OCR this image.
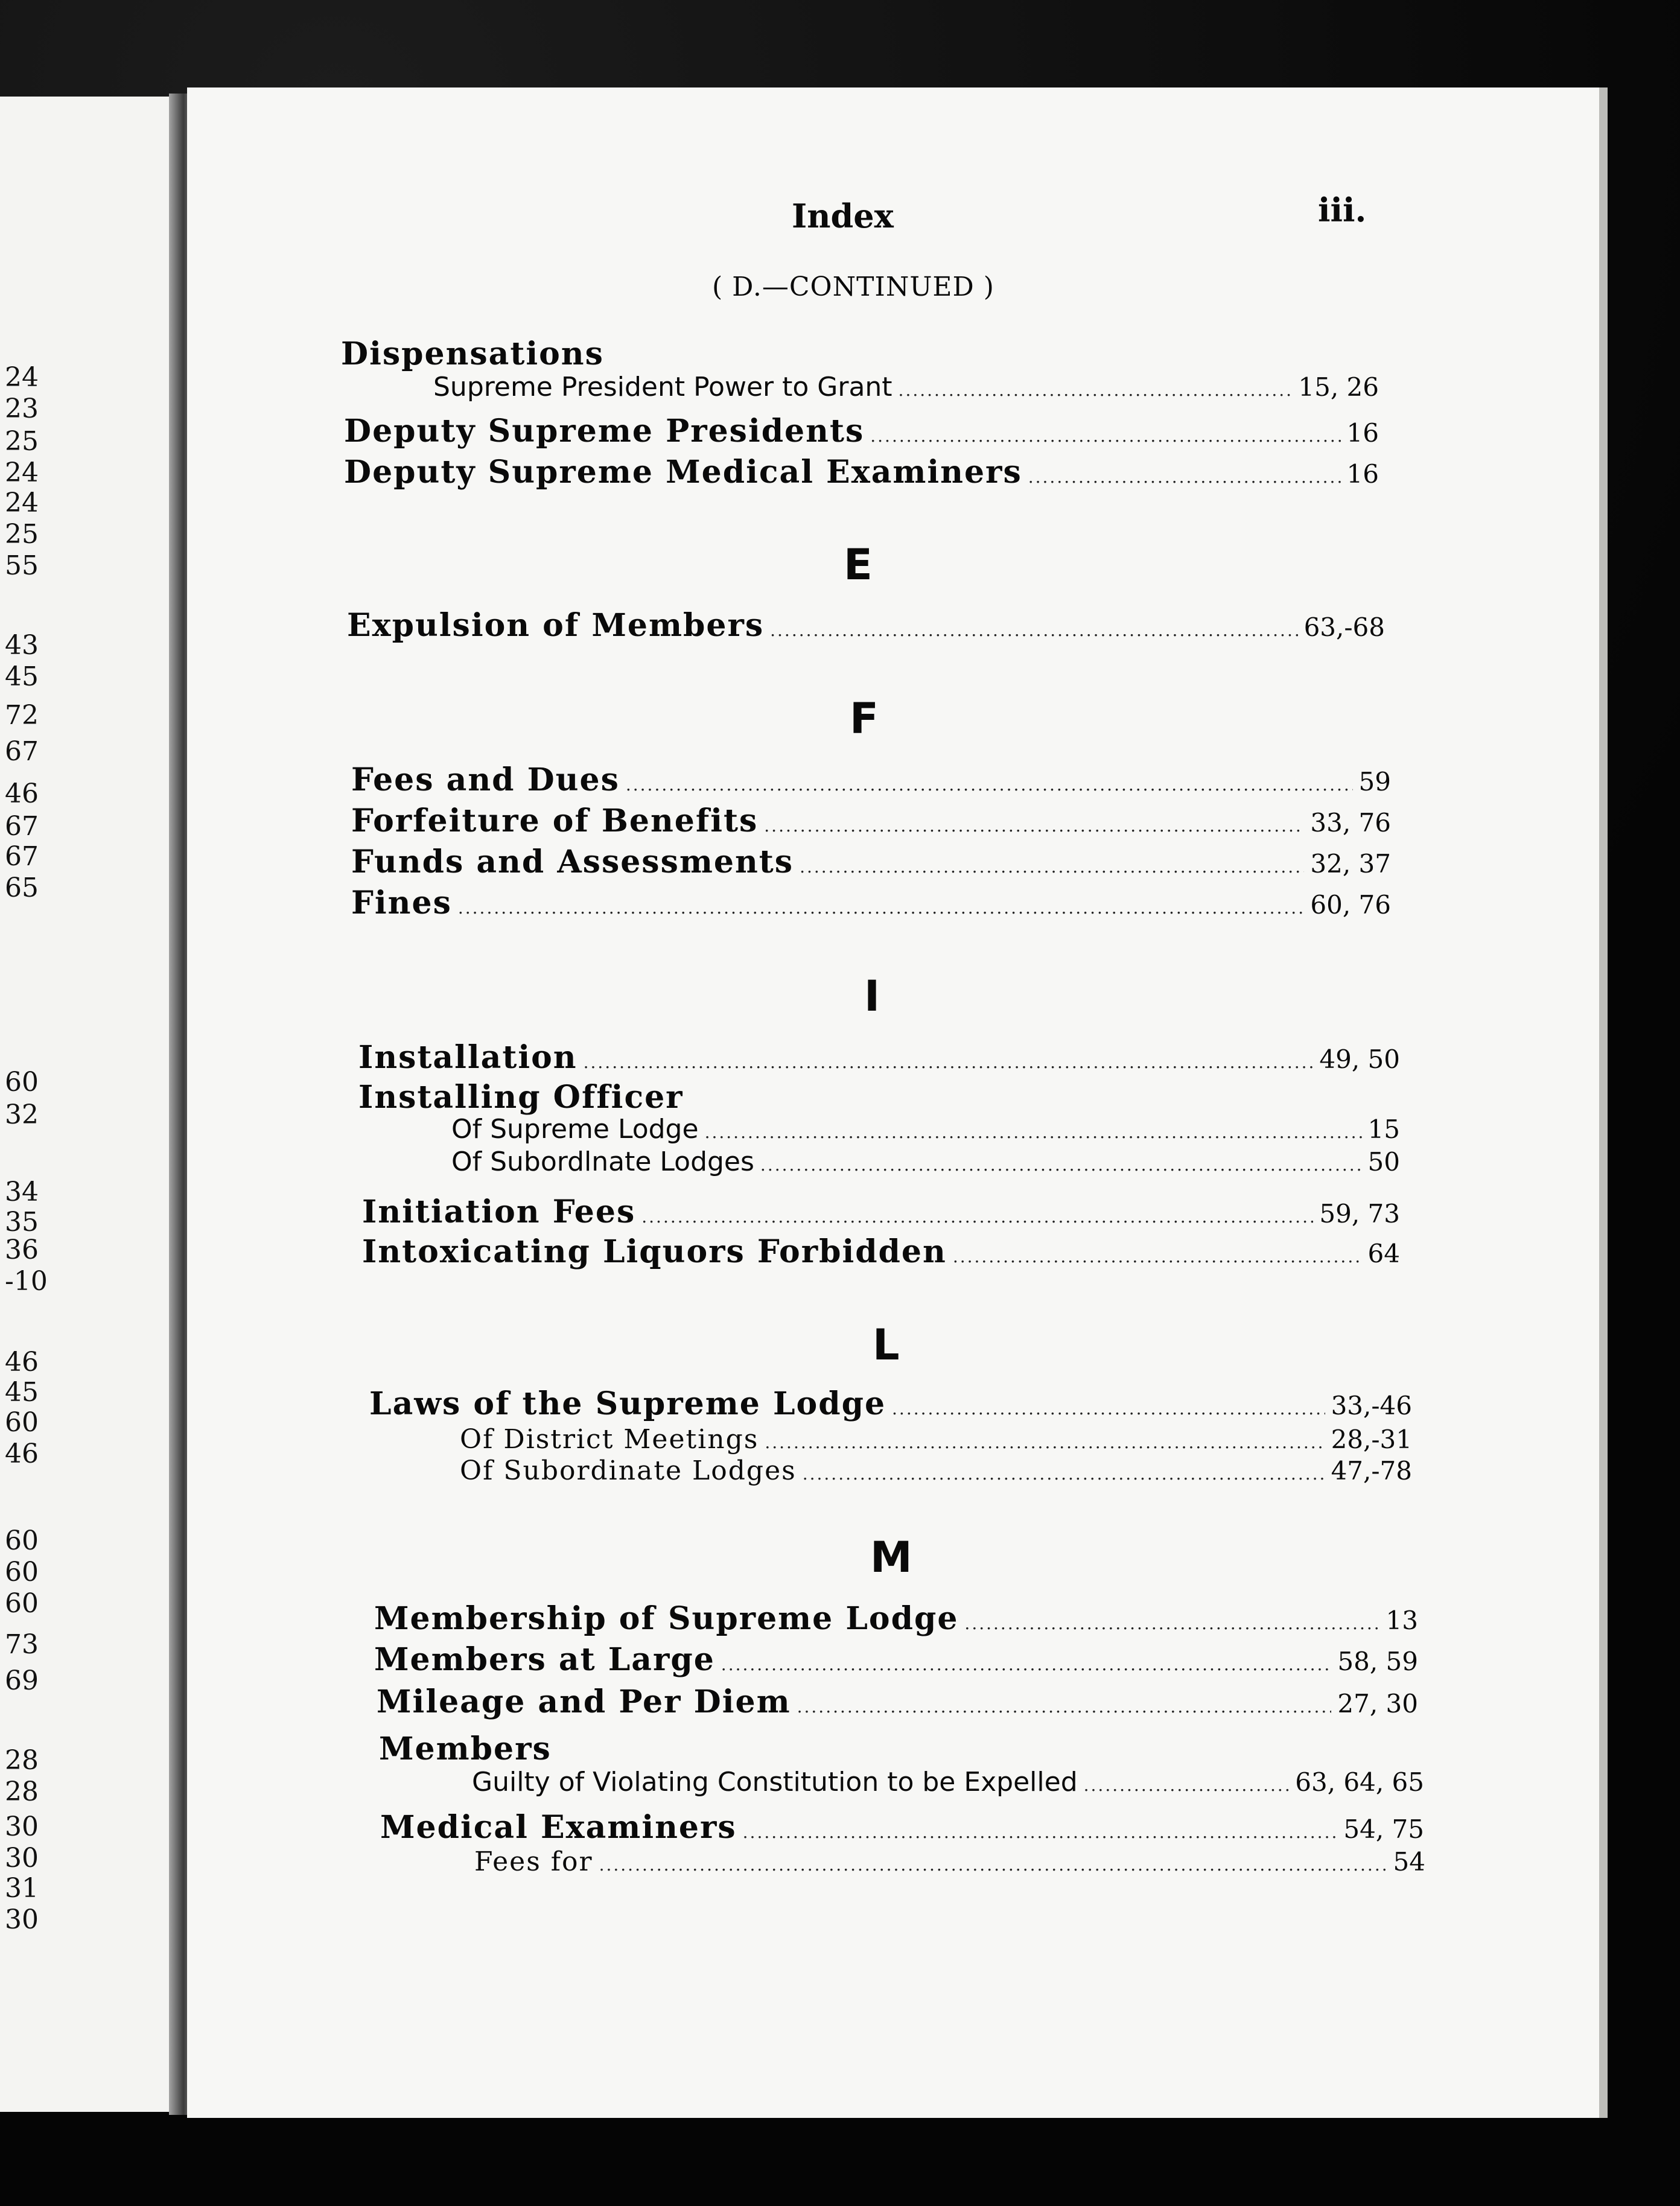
Index	iii.
( D.—CONTINUED )
Dispensations
Supreme President Power to Grant .....	15, 26
Deputy Supreme Presidents .....	16
Deputy Supreme Medical Examiners .....	16
E
Expulsion of Members .....	63,-68
F
Fees and Dues .....	59
Forfeiture of Benefits .....	33, 76
Funds and Assessments .....	32, 37
Fines .....	60, 76
I
Installation .....	49, 50
Installing Officer
Of Supreme Lodge .....	15
Of Subordlnate Lodges .....	50
Initiation Fees .....	59, 73
Intoxicating Liquors Forbidden .....	64
L
Laws of the Supreme Lodge .....	33,-46
Of District Meetings .....	28,-31
Of Subordinate Lodges .....	47,-78
M
Membership of Supreme Lodge .....	13
Members at Large .....	58, 59
Mileage and Per Diem .....	27, 30
Members
Guilty of Violating Constitution to be Expelled .....	63, 64, 65
Medical Examiners .....	54, 75
Fees for .....	54
24
23
25
24
24
25
55
43
45
72
67
46
67
67
65
60
32
34
35
36
-10
46
45
60
46
60
60
60
73
69
28
28
30
30
31
30
